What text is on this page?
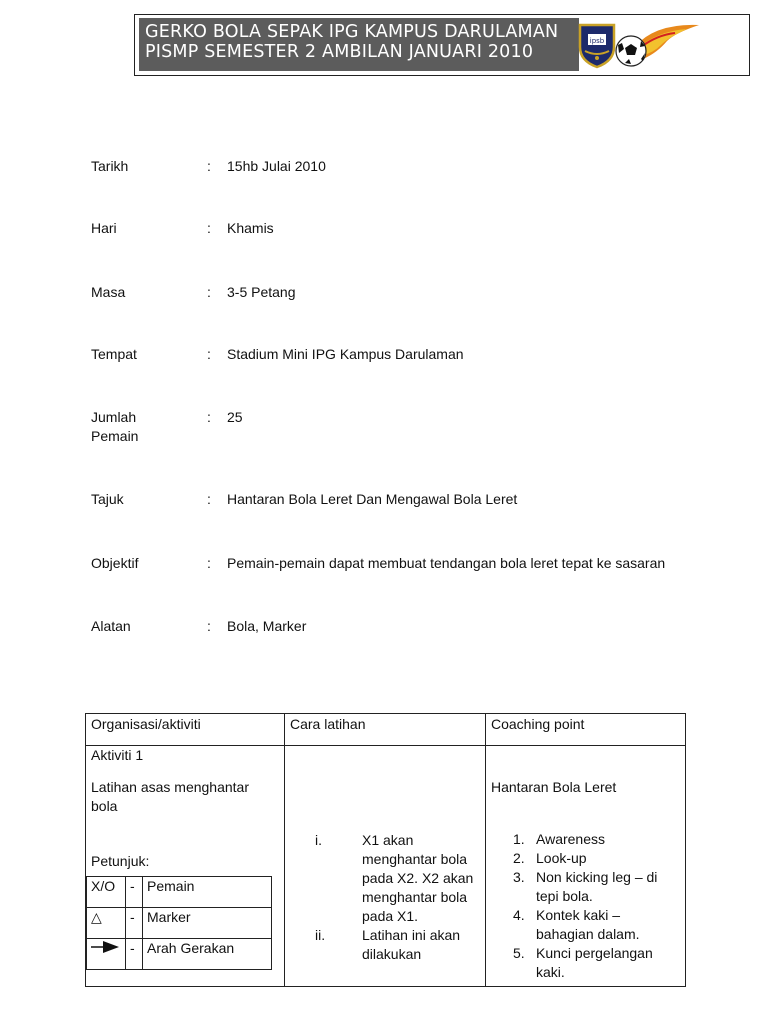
GERKO BOLA SEPAK IPG KAMPUS DARULAMAN
PISMP SEMESTER 2 AMBILAN JANUARI 2010
ipsb
Tarikh	: 15hb Julai 2010
Hari	: Khamis
Masa	: 3-5 Petang
Tempat	: Stadium Mini IPG Kampus Darulaman
Jumlah Pemain
: 25
Tajuk	: Hantaran Bola Leret Dan Mengawal Bola Leret
Objektif	: Pemain-pemain dapat membuat tendangan bola leret tepat ke sasaran
Alatan	: Bola, Marker
Organisasi/aktiviti	Cara latihan	Coaching point

Aktiviti 1
Latihan asas menghantar bola
Petunjuk:
X/O	-	Pemain
△	-	Marker
	-	Arah Gerakan

i.	X1 akan menghantar bola pada X2. X2 akan menghantar bola pada X1.
ii.	Latihan ini akan dilakukan

Hantaran Bola Leret
1. Awareness
2. Look-up
3. Non kicking leg – di tepi bola.
4. Kontek kaki – bahagian dalam.
5. Kunci pergelangan kaki.
